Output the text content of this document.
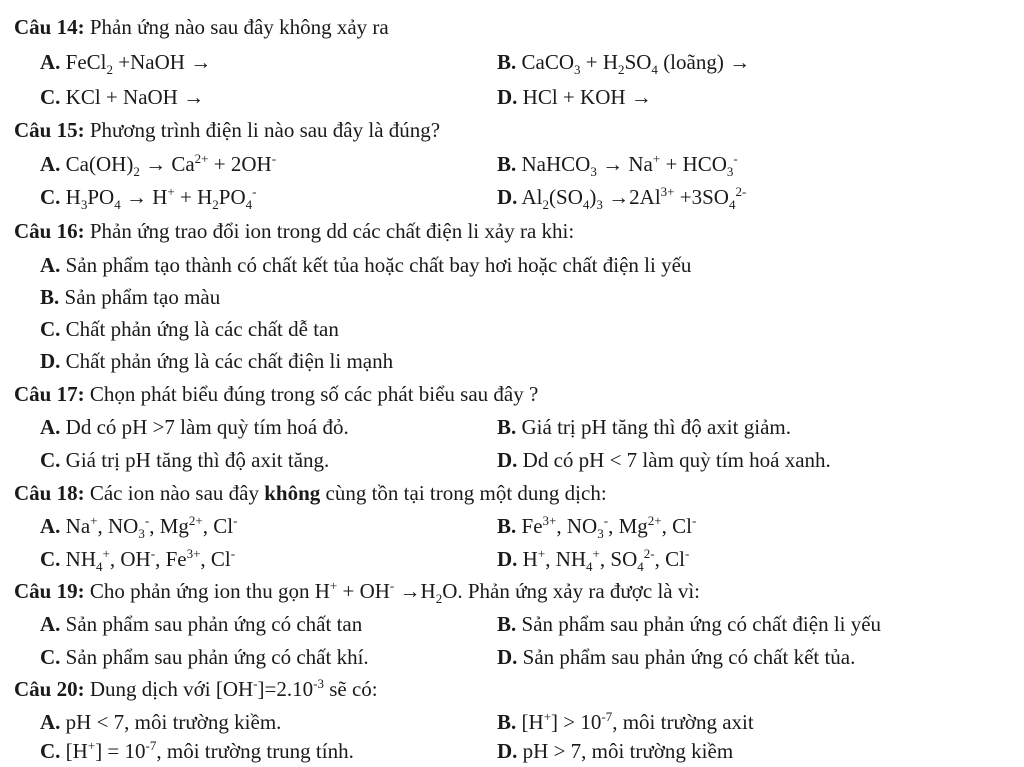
Câu 14: Phản ứng nào sau đây không xảy ra
A. FeCl$_2$ +NaOH →	B. CaCO$_3$ + $H_2SO_4$ (loãng) →
C. KCl + NaOH →	D. HCl + KOH →
Câu 15: Phương trình điện li nào sau đây là đúng?
A. $Ca(OH)_2 \to Ca^{2+} + 2OH^-$	B. NaHCO$_3$ → $Na^+ + HCO_3^-$
C. $H_3PO_4 \to H^+ + H_2PO_4^-$	D. $Al_2(SO_4)_3 \to 2Al^{3+} +3SO_4^{2-}$
Câu 16: Phản ứng trao đổi ion trong dd các chất điện li xảy ra khi:
A. Sản phẩm tạo thành có chất kết tủa hoặc chất bay hơi hoặc chất điện li yếu
B. Sản phẩm tạo màu
C. Chất phản ứng là các chất dễ tan
D. Chất phản ứng là các chất điện li mạnh
Câu 17: Chọn phát biểu đúng trong số các phát biểu sau đây ?
A. Dd có pH >7 làm quỳ tím hoá đỏ.	B. Giá trị pH tăng thì độ axit giảm.
C. Giá trị pH tăng thì độ axit tăng.	D. Dd có pH < 7 làm quỳ tím hoá xanh.
Câu 18: Các ion nào sau đây không cùng tồn tại trong một dung dịch:
A. Na+, $NO_3^-$, $Mg^{2+}$, Cl-	B. $Fe^{3+}$, $NO_3^-$, $Mg^{2+}$, Cl-
C. $NH_4^+$, OH-, $Fe^{3+}$, Cl-	D. H+, $NH_4^+$, $SO_4^{2-}$, Cl-
Câu 19: Cho phản ứng ion thu gọn $H^+ + OH^- \to H_2O$. Phản ứng xảy ra được là vì:
A. Sản phẩm sau phản ứng có chất tan	B. Sản phẩm sau phản ứng có chất điện li yếu
C. Sản phẩm sau phản ứng có chất khí.	D. Sản phẩm sau phản ứng có chất kết tủa.
Câu 20: Dung dịch với $[OH^-]=2.10^{-3}$ sẽ có:
A. pH < 7, môi trường kiềm.	B. $[H^+] > 10^{-7}$, môi trường axit
C. $[H^+] = 10^{-7}$, môi trường trung tính.	D. pH > 7, môi trường kiềm
